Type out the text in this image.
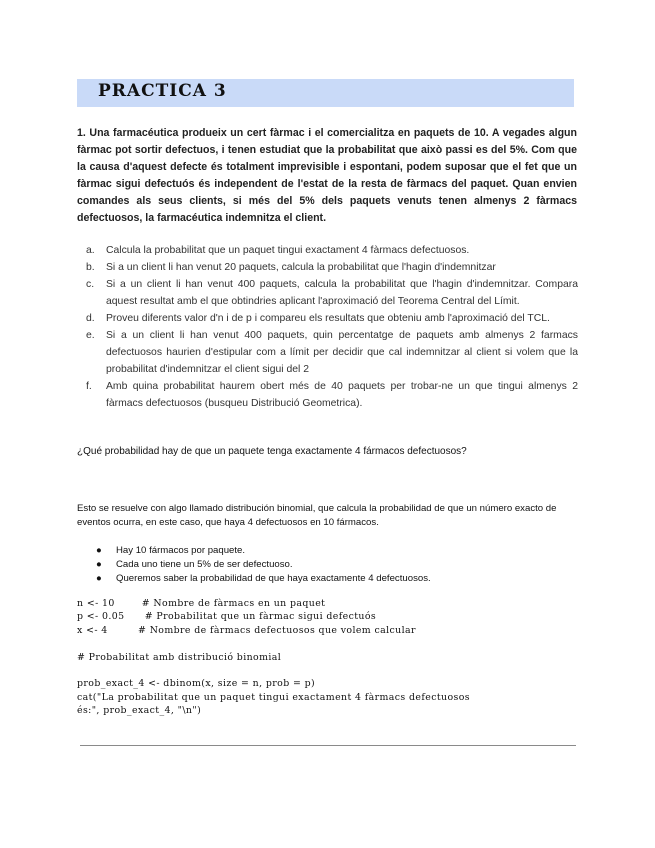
PRACTICA 3

1. Una farmacéutica produeix un cert fàrmac i el comercialitza en paquets de 10. A vegades algun fàrmac pot sortir defectuos, i tenen estudiat que la probabilitat que això passi es del 5%. Com que la causa d'aquest defecte és totalment imprevisible i espontani, podem suposar que el fet que un fàrmac sigui defectuós és independent de l'estat de la resta de fàrmacs del paquet. Quan envien comandes als seus clients, si més del 5% dels paquets venuts tenen almenys 2 fàrmacs defectuosos, la farmacéutica indemnitza el client.

a. Calcula la probabilitat que un paquet tingui exactament 4 fàrmacs defectuosos.
b. Si a un client li han venut 20 paquets, calcula la probabilitat que l'hagin d'indemnitzar
c. Si a un client li han venut 400 paquets, calcula la probabilitat que l'hagin d'indemnitzar. Compara aquest resultat amb el que obtindries aplicant l'aproximació del Teorema Central del Límit.
d. Proveu diferents valor d'n i de p i compareu els resultats que obteniu amb l'aproximació del TCL.
e. Si a un client li han venut 400 paquets, quin percentatge de paquets amb almenys 2 farmacs defectuosos haurien d'estipular com a límit per decidir que cal indemnitzar al client si volem que la probabilitat d'indemnitzar el client sigui del 2
f. Amb quina probabilitat haurem obert més de 40 paquets per trobar-ne un que tingui almenys 2 fàrmacs defectuosos (busqueu Distribució Geometrica).

¿Qué probabilidad hay de que un paquete tenga exactamente 4 fármacos defectuosos?

Esto se resuelve con algo llamado distribución binomial, que calcula la probabilidad de que un número exacto de eventos ocurra, en este caso, que haya 4 defectuosos en 10 fármacos.

● Hay 10 fármacos por paquete.
● Cada uno tiene un 5% de ser defectuoso.
● Queremos saber la probabilidad de que haya exactamente 4 defectuosos.
n <- 10        # Nombre de fàrmacs en un paquet
p <- 0.05      # Probabilitat que un fàrmac sigui defectuós
x <- 4         # Nombre de fàrmacs defectuosos que volem calcular

# Probabilitat amb distribució binomial

prob_exact_4 <- dbinom(x, size = n, prob = p)
cat("La probabilitat que un paquet tingui exactament 4 fàrmacs defectuosos
és:", prob_exact_4, "\n")
